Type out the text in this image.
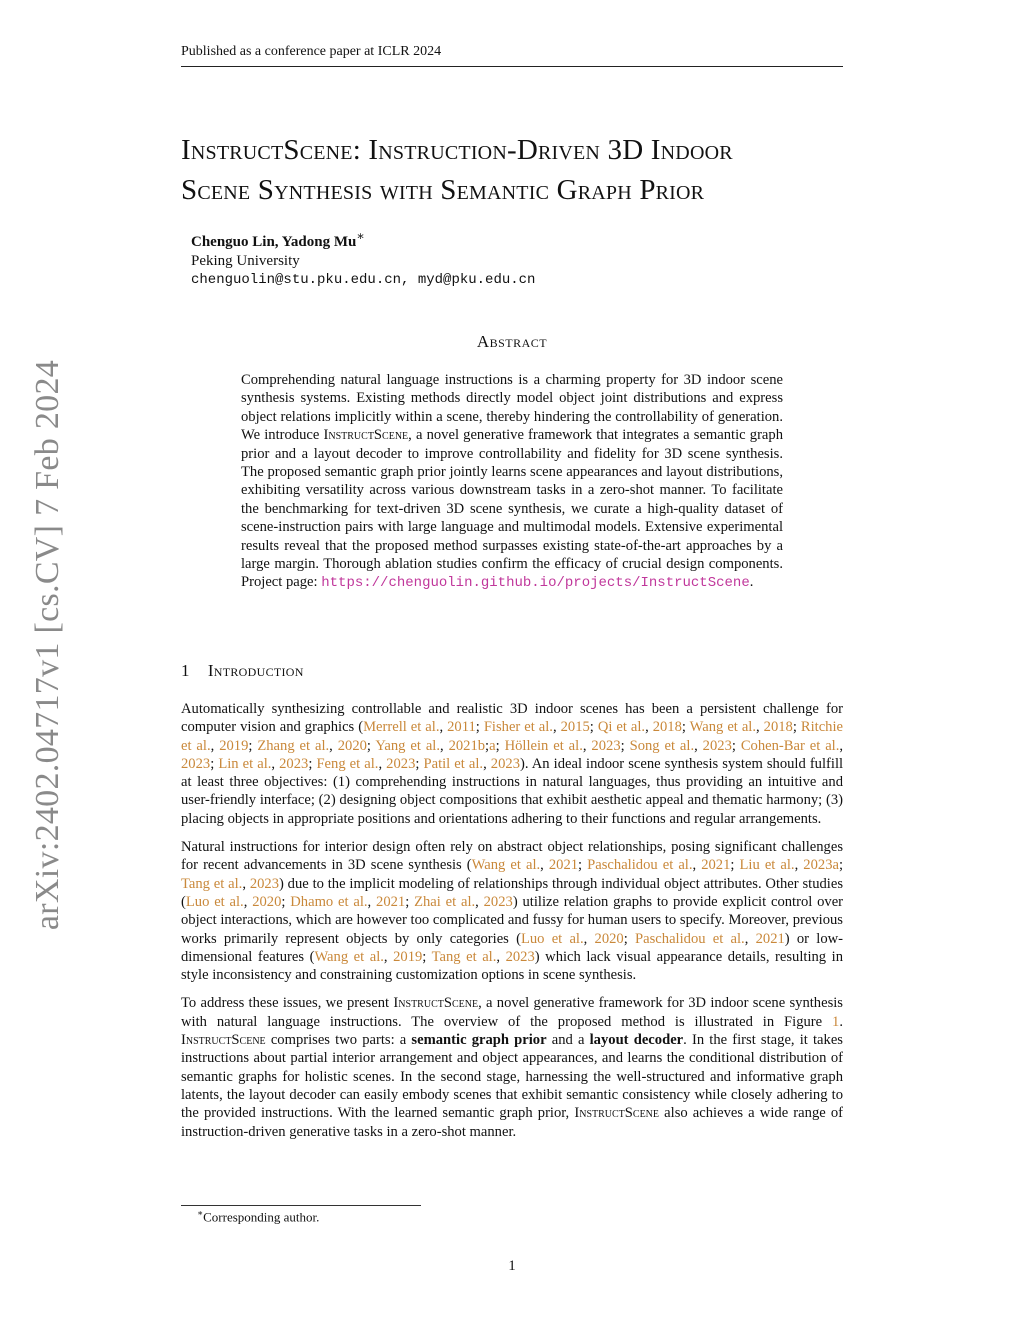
Published as a conference paper at ICLR 2024
arXiv:2402.04717v1 [cs.CV] 7 Feb 2024
InstructScene: Instruction-Driven 3D Indoor
Scene Synthesis with Semantic Graph Prior
Chenguo Lin, Yadong Mu∗
Peking University
chenguolin@stu.pku.edu.cn, myd@pku.edu.cn
Abstract
Comprehending natural language instructions is a charming property for 3D indoor scene synthesis systems. Existing methods directly model object joint distributions and express object relations implicitly within a scene, thereby hindering the controllability of generation. We introduce InstructScene, a novel generative framework that integrates a semantic graph prior and a layout decoder to improve controllability and fidelity for 3D scene synthesis. The proposed semantic graph prior jointly learns scene appearances and layout distributions, exhibiting versatility across various downstream tasks in a zero-shot manner. To facilitate the benchmarking for text-driven 3D scene synthesis, we curate a high-quality dataset of scene-instruction pairs with large language and multimodal models. Extensive experimental results reveal that the proposed method surpasses existing state-of-the-art approaches by a large margin. Thorough ablation studies confirm the efficacy of crucial design components. Project page: https://chenguolin.github.io/projects/InstructScene.
1 Introduction

Automatically synthesizing controllable and realistic 3D indoor scenes has been a persistent challenge for computer vision and graphics (Merrell et al., 2011; Fisher et al., 2015; Qi et al., 2018; Wang et al., 2018; Ritchie et al., 2019; Zhang et al., 2020; Yang et al., 2021b;a; Höllein et al., 2023; Song et al., 2023; Cohen-Bar et al., 2023; Lin et al., 2023; Feng et al., 2023; Patil et al., 2023). An ideal indoor scene synthesis system should fulfill at least three objectives: (1) comprehending instructions in natural languages, thus providing an intuitive and user-friendly interface; (2) designing object compositions that exhibit aesthetic appeal and thematic harmony; (3) placing objects in appropriate positions and orientations adhering to their functions and regular arrangements.

Natural instructions for interior design often rely on abstract object relationships, posing significant challenges for recent advancements in 3D scene synthesis (Wang et al., 2021; Paschalidou et al., 2021; Liu et al., 2023a; Tang et al., 2023) due to the implicit modeling of relationships through individual object attributes. Other studies (Luo et al., 2020; Dhamo et al., 2021; Zhai et al., 2023) utilize relation graphs to provide explicit control over object interactions, which are however too complicated and fussy for human users to specify. Moreover, previous works primarily represent objects by only categories (Luo et al., 2020; Paschalidou et al., 2021) or low-dimensional features (Wang et al., 2019; Tang et al., 2023) which lack visual appearance details, resulting in style inconsistency and constraining customization options in scene synthesis.

To address these issues, we present InstructScene, a novel generative framework for 3D indoor scene synthesis with natural language instructions. The overview of the proposed method is illustrated in Figure 1. InstructScene comprises two parts: a semantic graph prior and a layout decoder. In the first stage, it takes instructions about partial interior arrangement and object appearances, and learns the conditional distribution of semantic graphs for holistic scenes. In the second stage, harnessing the well-structured and informative graph latents, the layout decoder can easily embody scenes that exhibit semantic consistency while closely adhering to the provided instructions. With the learned semantic graph prior, InstructScene also achieves a wide range of instruction-driven generative tasks in a zero-shot manner.

∗Corresponding author.
1
